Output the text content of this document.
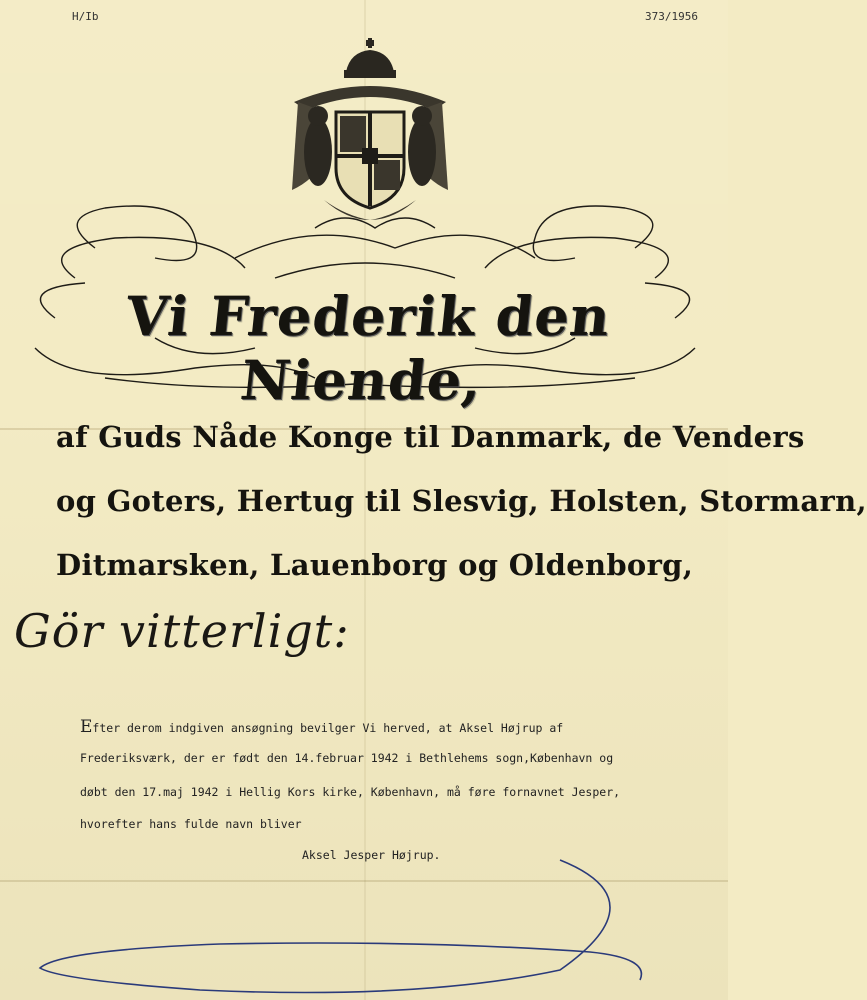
H/Ib	373/1956
Vi Frederik den Niende,
af Guds Nåde Konge til Danmark, de Venders
og Goters, Hertug til Slesvig, Holsten, Stormarn,
Ditmarsken, Lauenborg og Oldenborg,
Gör vitterligt:
Efter derom indgiven ansøgning bevilger Vi herved, at Aksel Højrup af
Frederiksværk, der er født den 14.februar 1942 i Bethlehems sogn,København og
døbt den 17.maj 1942 i Hellig Kors kirke, København, må føre fornavnet Jesper,
hvorefter hans fulde navn bliver
Aksel Jesper Højrup.
